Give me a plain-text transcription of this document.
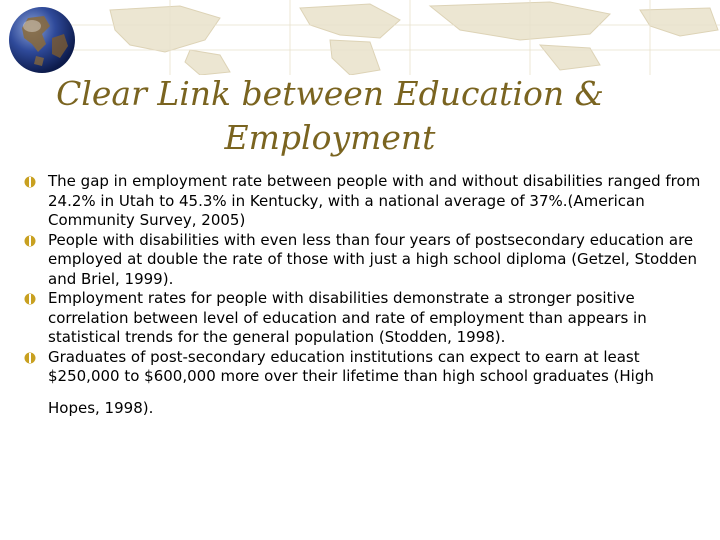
Clear Link between Education &
Employment
The gap in employment rate between people with and without disabilities ranged from 24.2% in Utah to 45.3% in Kentucky, with a national average of 37%.(American Community Survey, 2005)
People with disabilities with even less than four years of postsecondary education are employed at double the rate of those with just a high school diploma (Getzel, Stodden and Briel, 1999).
Employment rates for people with disabilities demonstrate a stronger positive correlation between level of education and rate of employment than appears in statistical trends for the general population (Stodden, 1998).
Graduates of post-secondary education institutions can expect to earn at least $250,000 to $600,000 more over their lifetime than high school graduates (High
Hopes, 1998).
